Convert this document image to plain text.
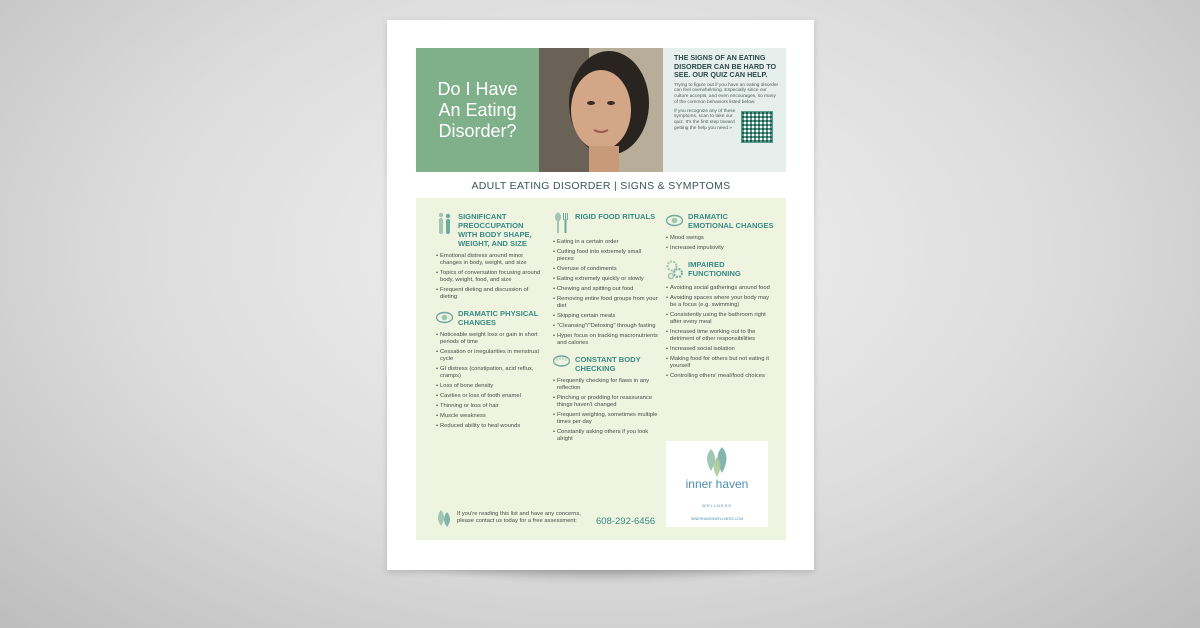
Do I Have An Eating Disorder?

THE SIGNS OF AN EATING DISORDER CAN BE HARD TO SEE. OUR QUIZ CAN HELP.

Trying to figure out if you have an eating disorder can feel overwhelming. Especially since our culture accepts, and even encourages, so many of the common behaviors listed below.

If you recognize any of these symptoms, scan to take our quiz. It's the first step toward getting the help you need »

ADULT EATING DISORDER | SIGNS & SYMPTOMS
SIGNIFICANT PREOCCUPATION WITH BODY SHAPE, WEIGHT, AND SIZE
• Emotional distress around minor changes in body, weight, and size
• Topics of conversation focusing around body, weight, food, and size
• Frequent dieting and discussion of dieting
DRAMATIC PHYSICAL CHANGES
• Noticeable weight loss or gain in short periods of time
• Cessation or irregularities in menstrual cycle
• GI distress (constipation, acid reflux, cramps)
• Loss of bone density
• Cavities or loss of tooth enamel
• Thinning or loss of hair
• Muscle weakness
• Reduced ability to heal wounds
RIGID FOOD RITUALS
• Eating in a certain order
• Cutting food into extremely small pieces
• Overuse of condiments
• Eating extremely quickly or slowly
• Chewing and spitting out food
• Removing entire food groups from your diet
• Skipping certain meals
• "Cleansing"/"Detoxing" through fasting
• Hyper focus on tracking macronutrients and calories
CONSTANT BODY CHECKING
• Frequently checking for flaws in any reflection
• Pinching or prodding for reassurance things haven't changed
• Frequent weighing, sometimes multiple times per day
• Constantly asking others if you look alright
DRAMATIC EMOTIONAL CHANGES
• Mood swings
• Increased impulsivity
IMPAIRED FUNCTIONING
• Avoiding social gatherings around food
• Avoiding spaces where your body may be a focus (e.g. swimming)
• Consistently using the bathroom right after every meal
• Increased time working out to the detriment of other responsibilities
• Increased social isolation
• Making food for others but not eating it yourself
• Controlling others' meal/food choices
inner haven
WELLNESS
INNERHAVENWELLNESS.COM
If you're reading this list and have any concerns, please contact us today for a free assessment:	608-292-6456
